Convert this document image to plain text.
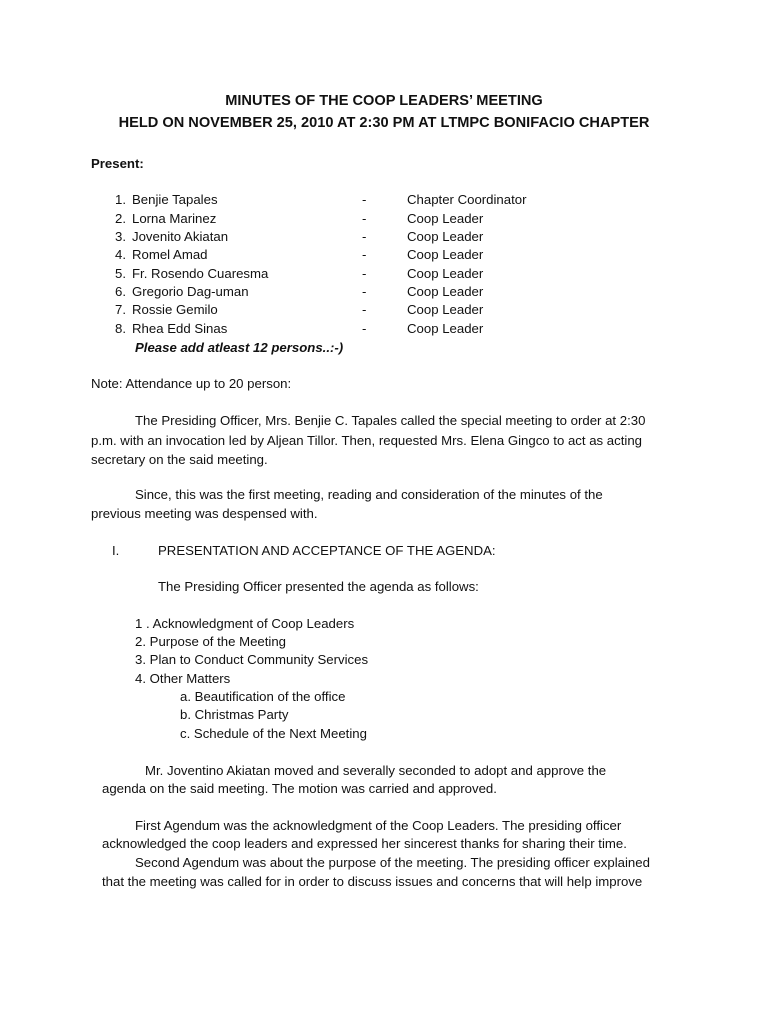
MINUTES OF THE COOP LEADERS’ MEETING
HELD ON NOVEMBER 25, 2010 AT 2:30 PM AT LTMPC BONIFACIO CHAPTER
Present:
1. Benjie Tapales	-	Chapter Coordinator
2. Lorna Marinez	-	Coop Leader
3. Jovenito Akiatan	-	Coop Leader
4. Romel Amad	-	Coop Leader
5. Fr. Rosendo Cuaresma	-	Coop Leader
6. Gregorio Dag-uman	-	Coop Leader
7. Rossie Gemilo	-	Coop Leader
8. Rhea Edd Sinas	-	Coop Leader
Please add atleast 12 persons..:-)
Note: Attendance up to 20 person:
The Presiding Officer, Mrs. Benjie C. Tapales called the special meeting to order at 2:30
p.m. with an invocation led by Aljean Tillor. Then, requested Mrs. Elena Gingco to act as acting
secretary on the said meeting.
Since, this was the first meeting, reading and consideration of the minutes of the
previous meeting was despensed with.
I.	PRESENTATION AND ACCEPTANCE OF THE AGENDA:
The Presiding Officer presented the agenda as follows:
1 . Acknowledgment of Coop Leaders
2. Purpose of the Meeting
3. Plan to Conduct Community Services
4. Other Matters
a. Beautification of the office
b. Christmas Party
c. Schedule of the Next Meeting
Mr. Joventino Akiatan moved and severally seconded to adopt and approve the
agenda on the said meeting. The motion was carried and approved.
First Agendum was the acknowledgment of the Coop Leaders. The presiding officer
acknowledged the coop leaders and expressed her sincerest thanks for sharing their time.
Second Agendum was about the purpose of the meeting. The presiding officer explained
that the meeting was called for in order to discuss issues and concerns that will help improve
